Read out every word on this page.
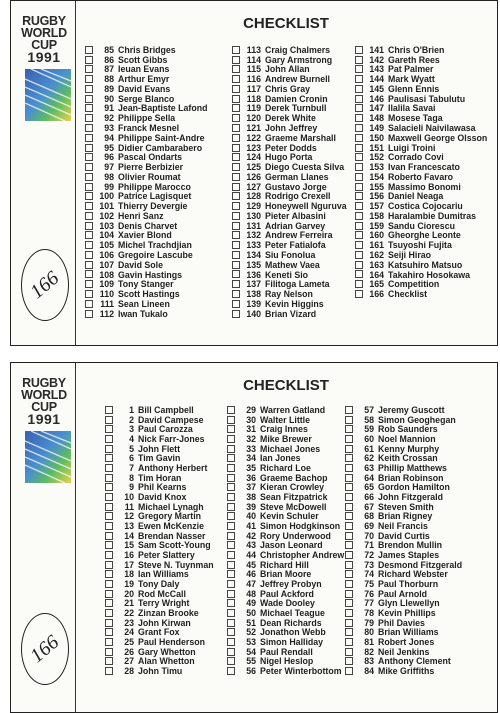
RUGBY
WORLD
CUP
1991
166
CHECKLIST
85 Chris Bridges
86 Scott Gibbs
87 Ieuan Evans
88 Arthur Emyr
89 David Evans
90 Serge Blanco
91 Jean-Baptiste Lafond
92 Philippe Sella
93 Franck Mesnel
94 Philippe Saint-Andre
95 Didier Cambarabero
96 Pascal Ondarts
97 Pierre Berbizier
98 Olivier Roumat
99 Philippe Marocco
100 Patrice Lagisquet
101 Thierry Devergie
102 Henri Sanz
103 Denis Charvet
104 Xavier Blond
105 Michel Trachdjian
106 Gregoire Lascube
107 David Sole
108 Gavin Hastings
109 Tony Stanger
110 Scott Hastings
111 Sean Lineen
112 Iwan Tukalo
113 Craig Chalmers
114 Gary Armstrong
115 John Allan
116 Andrew Burnell
117 Chris Gray
118 Damien Cronin
119 Derek Turnbull
120 Derek White
121 John Jeffrey
122 Graeme Marshall
123 Peter Dodds
124 Hugo Porta
125 Diego Cuesta Silva
126 German Llanes
127 Gustavo Jorge
128 Rodrigo Crexell
129 Honeywell Nguruva
130 Pieter Albasini
131 Adrian Garvey
132 Andrew Ferreira
133 Peter Fatialofa
134 Siu Fonolua
135 Mathew Vaea
136 Keneti Sio
137 Filitoga Lameta
138 Ray Nelson
139 Kevin Higgins
140 Brian Vizard
141 Chris O'Brien
142 Gareth Rees
143 Pat Palmer
144 Mark Wyatt
145 Glenn Ennis
146 Paulisasi Tabulutu
147 Ilalila Savai
148 Mosese Taga
149 Salacieli Naivilawasa
150 Maxwell George Olsson
151 Luigi Troini
152 Corrado Covi
153 Ivan Francescato
154 Roberto Favaro
155 Massimo Bonomi
156 Daniel Neaga
157 Costica Cojocariu
158 Haralambie Dumitras
159 Sandu Ciorescu
160 Gheorghe Leonte
161 Tsuyoshi Fujita
162 Seiji Hirao
163 Katsuhiro Matsuo
164 Takahiro Hosokawa
165 Competition
166 Checklist
RUGBY
WORLD
CUP
1991
166
CHECKLIST
1 Bill Campbell
2 David Campese
3 Paul Carozza
4 Nick Farr-Jones
5 John Flett
6 Tim Gavin
7 Anthony Herbert
8 Tim Horan
9 Phil Kearns
10 David Knox
11 Michael Lynagh
12 Gregory Martin
13 Ewen McKenzie
14 Brendan Nasser
15 Sam Scott-Young
16 Peter Slattery
17 Steve N. Tuynman
18 Ian Williams
19 Tony Daly
20 Rod McCall
21 Terry Wright
22 Zinzan Brooke
23 John Kirwan
24 Grant Fox
25 Paul Henderson
26 Gary Whetton
27 Alan Whetton
28 John Timu
29 Warren Gatland
30 Walter Little
31 Craig Innes
32 Mike Brewer
33 Michael Jones
34 Ian Jones
35 Richard Loe
36 Graeme Bachop
37 Kieran Crowley
38 Sean Fitzpatrick
39 Steve McDowell
40 Kevin Schuler
41 Simon Hodgkinson
42 Rory Underwood
43 Jason Leonard
44 Christopher Andrew
45 Richard Hill
46 Brian Moore
47 Jeffrey Probyn
48 Paul Ackford
49 Wade Dooley
50 Michael Teague
51 Dean Richards
52 Jonathon Webb
53 Simon Halliday
54 Paul Rendall
55 Nigel Heslop
56 Peter Winterbottom
57 Jeremy Guscott
58 Simon Geoghegan
59 Rob Saunders
60 Noel Mannion
61 Kenny Murphy
62 Keith Crossan
63 Phillip Matthews
64 Brian Robinson
65 Gordon Hamilton
66 John Fitzgerald
67 Steven Smith
68 Brian Rigney
69 Neil Francis
70 David Curtis
71 Brendon Mullin
72 James Staples
73 Desmond Fitzgerald
74 Richard Webster
75 Paul Thorburn
76 Paul Arnold
77 Glyn Llewellyn
78 Kevin Phillips
79 Phil Davies
80 Brian Williams
81 Robert Jones
82 Neil Jenkins
83 Anthony Clement
84 Mike Griffiths
